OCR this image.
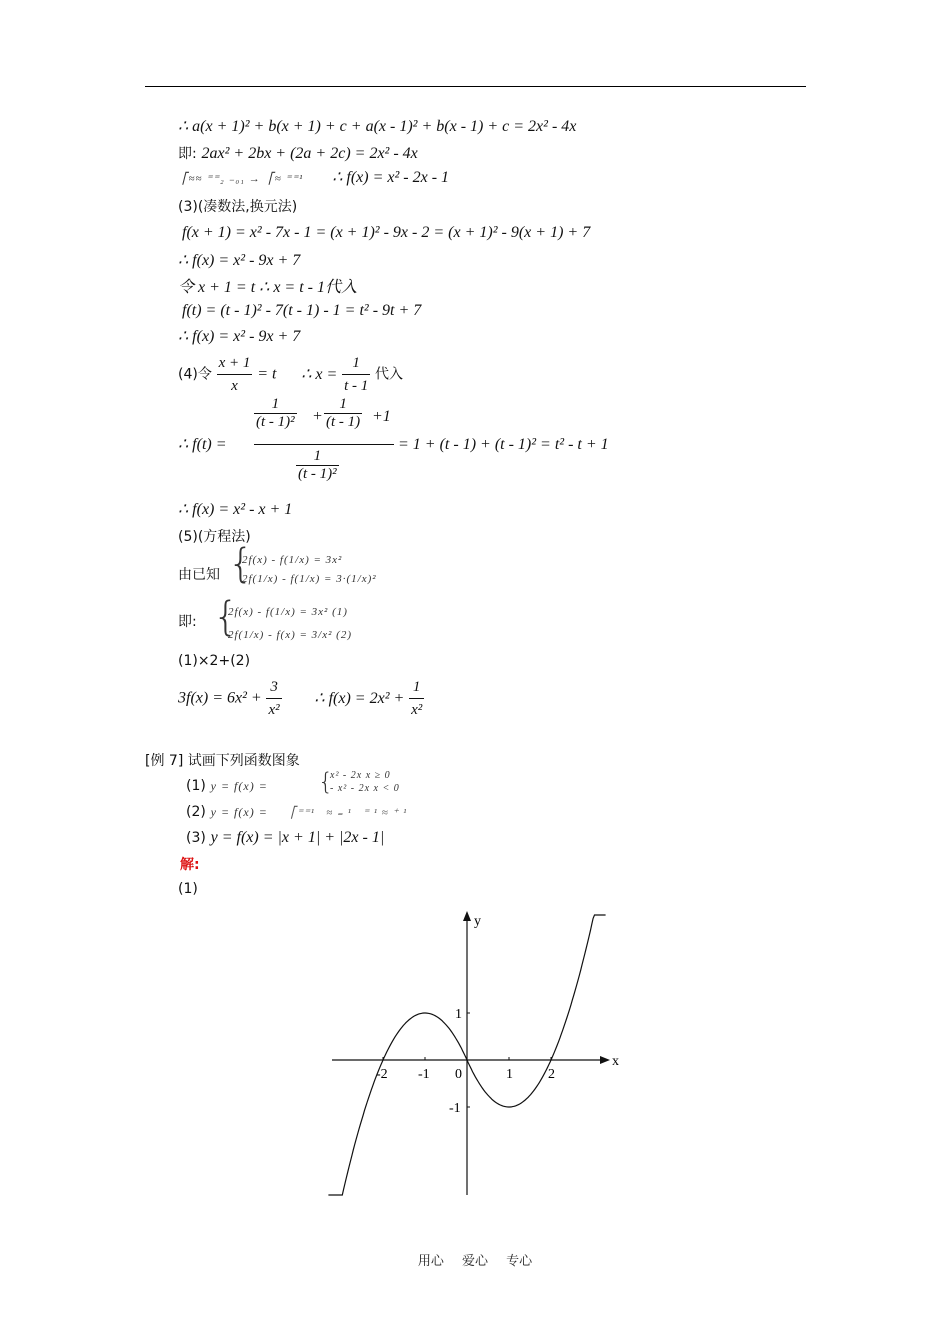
∴ a(x + 1)² + b(x + 1) + c + a(x - 1)² + b(x - 1) + c = 2x² - 4x
即: 2ax² + 2bx + (2a + 2c) = 2x² - 4x
⎡≈≈ ⁼⁼₂ ₋₀₁ →  ⎡≈ ⁼⁼¹ ∴ f(x) = x² - 2x - 1
(3)(凑数法,换元法)
f(x + 1) = x² - 7x - 1 = (x + 1)² - 9x - 2 = (x + 1)² - 9(x + 1) + 7
∴ f(x) = x² - 9x + 7
令 x + 1 = t ∴ x = t - 1代入
f(t) = (t - 1)² - 7(t - 1) - 1 = t² - 9t + 7
∴ f(x) = x² - 9x + 7
(4)令 $\frac{x + 1}{x} = t$ ∴ $x = \frac{1}{t - 1}$ 代入
∴ f(t) =
$\frac{1}{\text{(t - 1)²}} + \frac{1}{(t - 1)} +1$
$\frac{1}{\text{(t - 1)²}}$
= 1 + (t - 1) + (t - 1)² = t² - t + 1
∴ f(x) = x² - x + 1
(5)(方程法)
由已知 {
2f(x) - f(1/x) = 3x²
2f(1/x) - f(1/x) = 3·(1/x)²
即: {
2f(x) - f(1/x) = 3x² (1)
2f(1/x) - f(x) = 3/x² (2)
(1)×2+(2)
$3f(x) = 6x^2 + \frac{3}{\text{x²}}$ ∴ $f(x) = 2x^2 + \frac{1}{\text{x²}}$
[例 7] 试画下列函数图象
(1) y = f(x) = {
x² - 2x x ≥ 0
- x² - 2x x < 0
(2) y = f(x) = ⎡⁼⁼¹   ≈ ₌ ¹   ⁼ ¹ ≈ ⁺ ¹
(3) y = f(x) = |x + 1| + |2x - 1|
解:
(1)
x
y
-2 -1 0	1	2
1
-1
用心 爱心 专心
